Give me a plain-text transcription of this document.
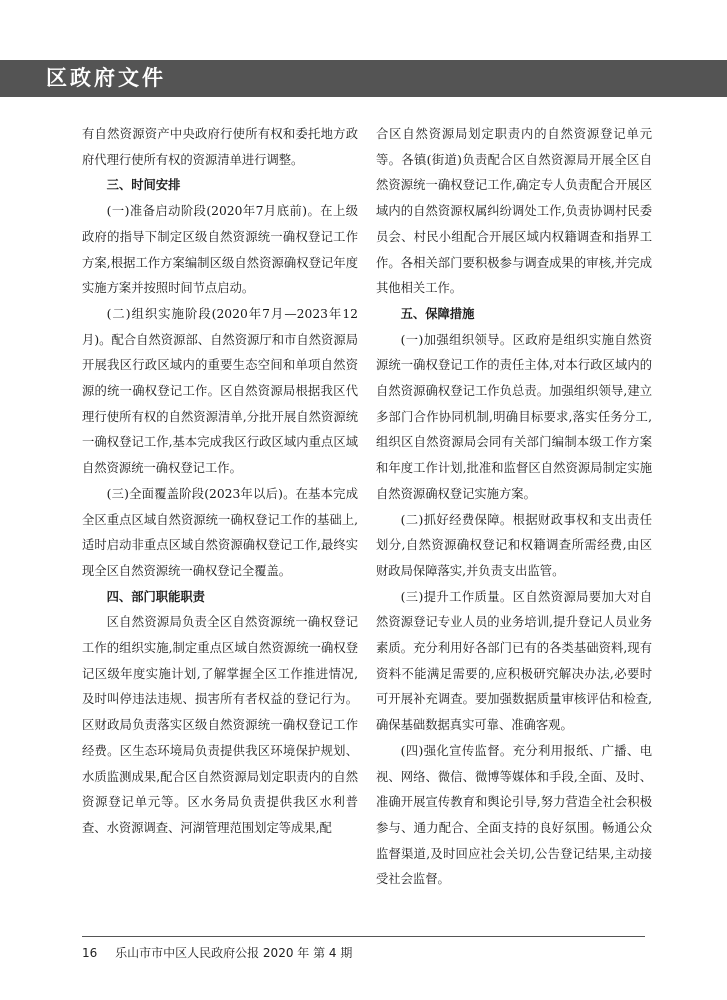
区政府文件

有自然资源资产中央政府行使所有权和委托地方政府代理行使所有权的资源清单进行调整。

三、时间安排

(一)准备启动阶段(2020年7月底前)。在上级政府的指导下制定区级自然资源统一确权登记工作方案,根据工作方案编制区级自然资源确权登记年度实施方案并按照时间节点启动。

(二)组织实施阶段(2020年7月—2023年12月)。配合自然资源部、自然资源厅和市自然资源局开展我区行政区域内的重要生态空间和单项自然资源的统一确权登记工作。区自然资源局根据我区代理行使所有权的自然资源清单,分批开展自然资源统一确权登记工作,基本完成我区行政区域内重点区域自然资源统一确权登记工作。

(三)全面覆盖阶段(2023年以后)。在基本完成全区重点区域自然资源统一确权登记工作的基础上,适时启动非重点区域自然资源确权登记工作,最终实现全区自然资源统一确权登记全覆盖。

四、部门职能职责

区自然资源局负责全区自然资源统一确权登记工作的组织实施,制定重点区域自然资源统一确权登记区级年度实施计划,了解掌握全区工作推进情况,及时叫停违法违规、损害所有者权益的登记行为。区财政局负责落实区级自然资源统一确权登记工作经费。区生态环境局负责提供我区环境保护规划、水质监测成果,配合区自然资源局划定职责内的自然资源登记单元等。区水务局负责提供我区水利普查、水资源调查、河湖管理范围划定等成果,配

合区自然资源局划定职责内的自然资源登记单元等。各镇(街道)负责配合区自然资源局开展全区自然资源统一确权登记工作,确定专人负责配合开展区域内的自然资源权属纠纷调处工作,负责协调村民委员会、村民小组配合开展区域内权籍调查和指界工作。各相关部门要积极参与调查成果的审核,并完成其他相关工作。

五、保障措施

(一)加强组织领导。区政府是组织实施自然资源统一确权登记工作的责任主体,对本行政区域内的自然资源确权登记工作负总责。加强组织领导,建立多部门合作协同机制,明确目标要求,落实任务分工,组织区自然资源局会同有关部门编制本级工作方案和年度工作计划,批准和监督区自然资源局制定实施自然资源确权登记实施方案。

(二)抓好经费保障。根据财政事权和支出责任划分,自然资源确权登记和权籍调查所需经费,由区财政局保障落实,并负责支出监管。

(三)提升工作质量。区自然资源局要加大对自然资源登记专业人员的业务培训,提升登记人员业务素质。充分利用好各部门已有的各类基础资料,现有资料不能满足需要的,应积极研究解决办法,必要时可开展补充调查。要加强数据质量审核评估和检查,确保基础数据真实可靠、准确客观。

(四)强化宣传监督。充分利用报纸、广播、电视、网络、微信、微博等媒体和手段,全面、及时、准确开展宣传教育和舆论引导,努力营造全社会积极参与、通力配合、全面支持的良好氛围。畅通公众监督渠道,及时回应社会关切,公告登记结果,主动接受社会监督。

16 乐山市市中区人民政府公报 2020 年 第 4 期
